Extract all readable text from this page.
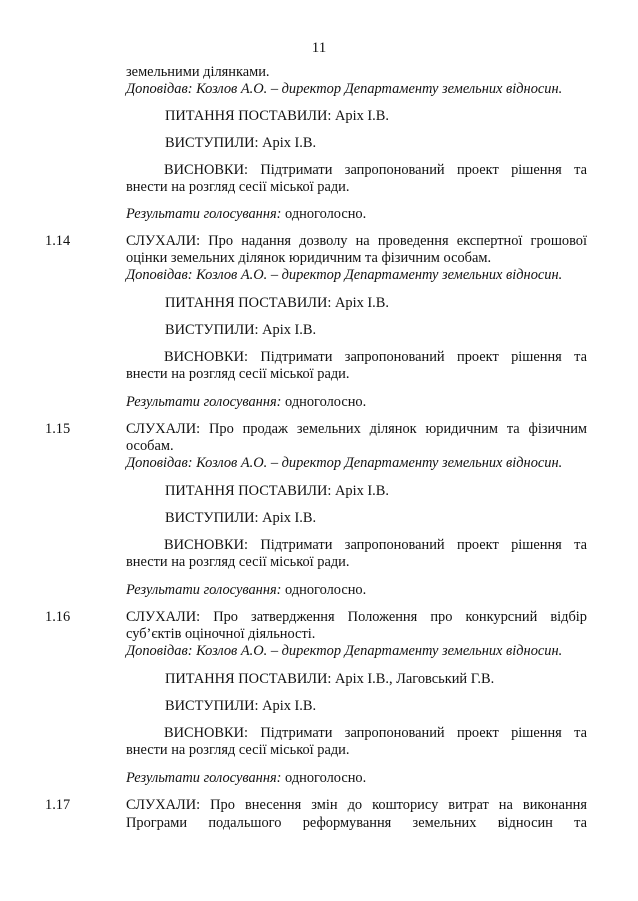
11

земельними ділянками.

Доповідав: Козлов А.О. – директор Департаменту земельних відносин.

ПИТАННЯ ПОСТАВИЛИ: Аріх І.В.

ВИСТУПИЛИ: Аріх І.В.

ВИСНОВКИ: Підтримати запропонований проект рішення та

внести на розгляд сесії міської ради.

Результати голосування: одноголосно.

1.14	СЛУХАЛИ: Про надання дозволу на проведення експертної грошової

оцінки земельних ділянок юридичним та фізичним особам.

Доповідав: Козлов А.О. – директор Департаменту земельних відносин.

ПИТАННЯ ПОСТАВИЛИ: Аріх І.В.

ВИСТУПИЛИ: Аріх І.В.

ВИСНОВКИ: Підтримати запропонований проект рішення та

внести на розгляд сесії міської ради.

Результати голосування: одноголосно.

1.15	СЛУХАЛИ: Про продаж земельних ділянок юридичним та фізичним

особам.

Доповідав: Козлов А.О. – директор Департаменту земельних відносин.

ПИТАННЯ ПОСТАВИЛИ: Аріх І.В.

ВИСТУПИЛИ: Аріх І.В.

ВИСНОВКИ: Підтримати запропонований проект рішення та

внести на розгляд сесії міської ради.

Результати голосування: одноголосно.

1.16	СЛУХАЛИ: Про затвердження Положення про конкурсний відбір

суб’єктів оціночної діяльності.

Доповідав: Козлов А.О. – директор Департаменту земельних відносин.

ПИТАННЯ ПОСТАВИЛИ: Аріх І.В., Лаговський Г.В.

ВИСТУПИЛИ: Аріх І.В.

ВИСНОВКИ: Підтримати запропонований проект рішення та

внести на розгляд сесії міської ради.

Результати голосування: одноголосно.

1.17	СЛУХАЛИ: Про внесення змін до кошторису витрат на виконання

Програми подальшого реформування земельних відносин та
